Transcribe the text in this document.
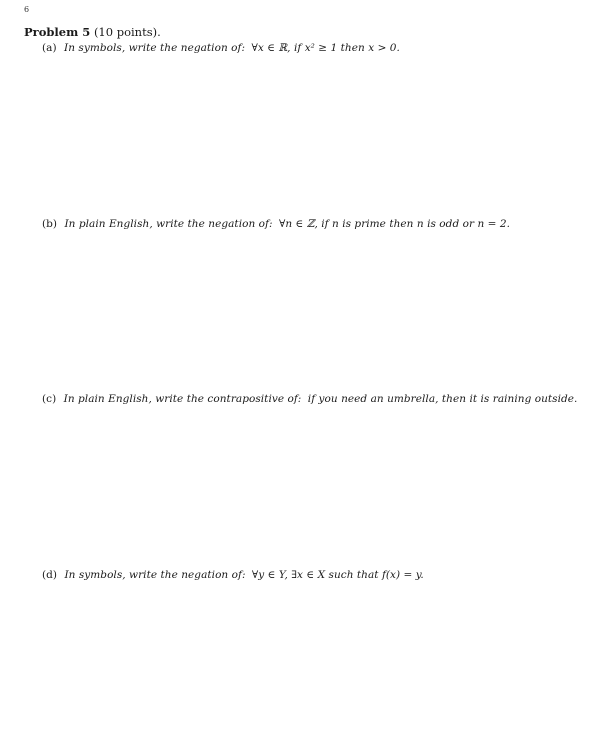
6
Problem 5 (10 points).
(a) In symbols, write the negation of: ∀x ∈ ℝ, if x² ≥ 1 then x > 0.
(b) In plain English, write the negation of: ∀n ∈ ℤ, if n is prime then n is odd or n = 2.
(c) In plain English, write the contrapositive of: if you need an umbrella, then it is raining outside.
(d) In symbols, write the negation of: ∀y ∈ Y, ∃x ∈ X such that f(x) = y.
